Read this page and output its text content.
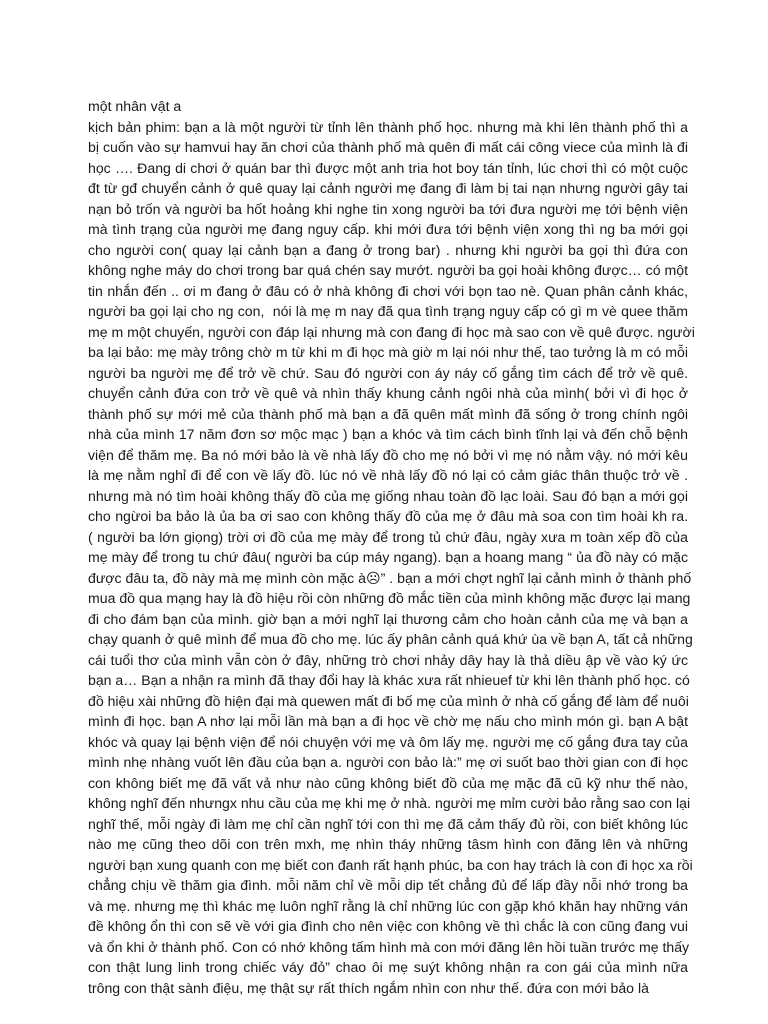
một nhân vật a
kịch bản phim: bạn a là một người từ tỉnh lên thành phố học. nhưng mà khi lên thành phố thì a
bị cuốn vào sự hamvui hay ăn chơi của thành phố mà quên đi mất cái công viece của mình là đi
học …. Đang di chơi ở quán bar thì được một anh tria hot boy tán tỉnh, lúc chơi thì có một cuộc
đt từ gđ chuyển cảnh ở quê quay lại cảnh người mẹ đang đi làm bị tai nạn nhưng người gây tai
nạn bỏ trốn và người ba hốt hoảng khi nghe tin xong người ba tới đưa người mẹ tới bệnh viện
mà tình trạng của người mẹ đang nguy cấp. khi mới đưa tới bệnh viện xong thì ng ba mới gọi
cho người con( quay lại cảnh bạn a đang ở trong bar) . nhưng khi người ba gọi thì đứa con
không nghe máy do chơi trong bar quá chén say mướt. người ba gọi hoài không được… có một
tin nhắn đến .. ơi m đang ở đâu có ở nhà không đi chơi với bọn tao nè. Quan phân cảnh khác,
người ba gọi lại cho ng con,  nói là mẹ m nay đã qua tình trạng nguy cấp có gì m vè quee thăm
mẹ m một chuyến, người con đáp lại nhưng mà con đang đi học mà sao con về quê được. người
ba lại bảo: mẹ mày trông chờ m từ khi m đi học mà giờ m lại nói như thế, tao tưởng là m có mỗi
người ba người mẹ để trở về chứ. Sau đó người con áy náy cố gắng tìm cách để trở về quê.
chuyển cảnh đứa con trở về quê và nhìn thấy khung cảnh ngôi nhà của mình( bởi vì đi học ở
thành phố sự mới mẻ của thành phố mà bạn a đã quên mất mình đã sống ở trong chính ngôi
nhà của mình 17 năm đơn sơ mộc mạc ) bạn a khóc và tìm cách bình tĩnh lại và đến chỗ bệnh
viện để thăm mẹ. Ba nó mới bảo là về nhà lấy đồ cho mẹ nó bởi vì mẹ nó nằm vậy. nó mới kêu
là mẹ nằm nghỉ đi để con về lấy đồ. lúc nó về nhà lấy đồ nó lại có cảm giác thân thuộc trở về .
nhưng mà nó tìm hoài không thấy đồ của mẹ giống nhau toàn đồ lạc loài. Sau đó bạn a mới gọi
cho ngừoi ba bảo là ủa ba ơi sao con không thấy đồ của mẹ ở đâu mà soa con tìm hoài kh ra.
( người ba lớn giọng) trời ơi đồ của mẹ mày để trong tủ chứ đâu, ngày xưa m toàn xếp đồ của
mẹ mày để trong tu chứ đâu( người ba cúp máy ngang). bạn a hoang mang “ ủa đồ này có mặc
được đâu ta, đồ này mà mẹ mình còn mặc à☹” . bạn a mới chợt nghĩ lại cảnh mình ở thành phố
mua đồ qua mạng hay là đồ hiệu rồi còn những đồ mắc tiền của mình không mặc được lại mang
đi cho đám bạn của mình. giờ bạn a mới nghĩ lại thương cảm cho hoàn cảnh của mẹ và bạn a
chạy quanh ở quê mình để mua đồ cho mẹ. lúc ấy phân cảnh quá khứ ùa về bạn A, tất cả những
cái tuổi thơ của mình vẫn còn ở đây, những trò chơi nhảy dây hay là thả diều ập về vào ký ức
bạn a… Bạn a nhận ra mình đã thay đổi hay là khác xưa rất nhieuef từ khi lên thành phố học. có
đồ hiệu xài những đồ hiện đại mà quewen mất đi bố mẹ của mình ở nhà cố gắng để làm để nuôi
mình đi học. bạn A nhơ lại mỗi lần mà bạn a đi học về chờ mẹ nấu cho mình món gì. bạn A bật
khóc và quay lại bệnh viện để nói chuyện với mẹ và ôm lấy mẹ. người mẹ cố gắng đưa tay của
mình nhẹ nhàng vuốt lên đầu của bạn a. người con bảo là:” mẹ ơi suốt bao thời gian con đi học
con không biết mẹ đã vất vả như nào cũng không biết đồ của mẹ mặc đã cũ kỹ như thế nào,
không nghĩ đến nhưngx nhu cầu của mẹ khi mẹ ở nhà. người mẹ mỉm cười bảo rằng sao con lại
nghĩ thế, mỗi ngày đi làm mẹ chỉ cần nghĩ tới con thì mẹ đã cảm thấy đủ rồi, con biết không lúc
nào mẹ cũng theo dõi con trên mxh, mẹ nhìn tháy những tâsm hình con đăng lên và những
người bạn xung quanh con mẹ biết con đanh rất hạnh phúc, ba con hay trách là con đi học xa rồi
chẳng chịu về thăm gia đình. mỗi năm chỉ về mỗi dip tết chẳng đủ để lấp đầy nỗi nhớ trong ba
và mẹ. nhưng mẹ thì khác mẹ luôn nghĩ rằng là chỉ những lúc con gặp khó khăn hay những ván
đề không ổn thì con sẽ về với gia đình cho nên việc con không về thì chắc là con cũng đang vui
và ổn khi ở thành phố. Con có nhớ không tấm hình mà con mới đăng lên hồi tuần trước mẹ thấy
con thật lung linh trong chiếc váy đỏ” chao ôi mẹ suýt không nhận ra con gái của mình nữa
trông con thật sành điệu, mẹ thật sự rất thích ngắm nhìn con như thế. đứa con mới bảo là
